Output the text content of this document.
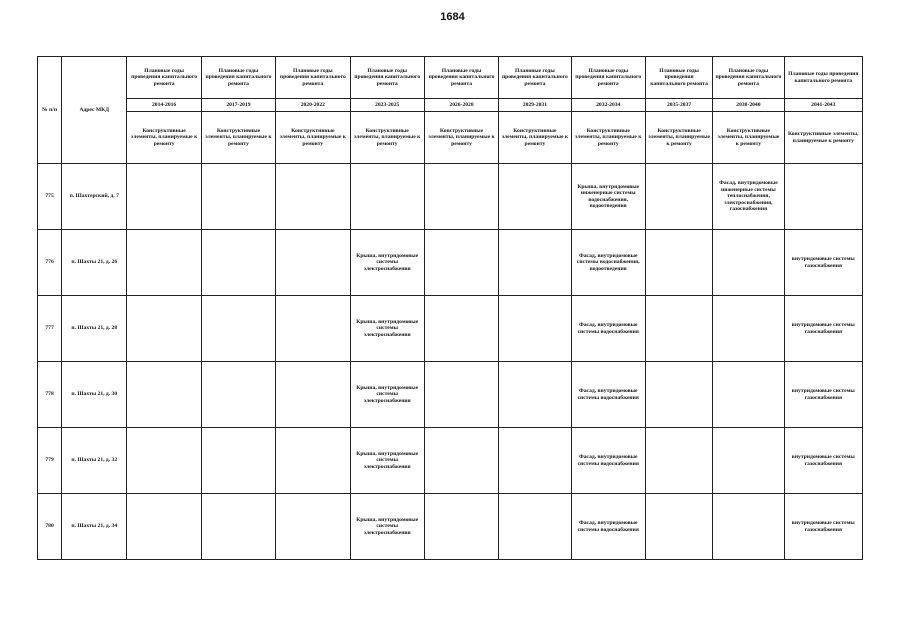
1684
№ п/п	Адрес МКД	Плановые годы проведения капитального ремонта	Плановые годы проведения капитального ремонта	Плановые годы проведения капитального ремонта	Плановые годы проведения капитального ремонта	Плановые годы проведения капитального ремонта	Плановые годы проведения капитального ремонта	Плановые годы проведения капитального ремонта	Плановые годы проведения капитального ремонта	Плановые годы проведения капитального ремонта	Плановые годы проведения капитального ремонта
		2014-2016	2017-2019	2020-2022	2023-2025	2026-2028	2029-2031	2032-2034	2035-2037	2038-2040	2041-2043
		Конструктивные элементы, планируемые к ремонту	Конструктивные элементы, планируемые к ремонту	Конструктивные элементы, планируемые к ремонту	Конструктивные элементы, планируемые к ремонту	Конструктивные элементы, планируемые к ремонту	Конструктивные элементы, планируемые к ремонту	Конструктивные элементы, планируемые к ремонту	Конструктивные элементы, планируемые к ремонту	Конструктивные элементы, планируемые к ремонту	Конструктивные элементы, планируемые к ремонту
775	п. Шахтерский, д. 7							Крыша, внутридомовые инженерные системы водоснабжения, водоотведения		Фасад, внутридомовые инженерные системы теплоснабжения, электроснабжения, газоснабжения	
776	п. Шахты 21, д. 26				Крыша, внутридомовые системы электроснабжения			Фасад, внутридомовые системы водоснабжения, водоотведения			внутридомовые системы газоснабжения
777	п. Шахты 21, д. 28				Крыша, внутридомовые системы электроснабжения			Фасад, внутридомовые системы водоснабжения			внутридомовые системы газоснабжения
778	п. Шахты 21, д. 30				Крыша, внутридомовые системы электроснабжения			Фасад, внутридомовые системы водоснабжения			внутридомовые системы газоснабжения
779	п. Шахты 21, д. 32				Крыша, внутридомовые системы электроснабжения			Фасад, внутридомовые системы водоснабжения			внутридомовые системы газоснабжения
780	п. Шахты 21, д. 34				Крыша, внутридомовые системы электроснабжения			Фасад, внутридомовые системы водоснабжения			внутридомовые системы газоснабжения
